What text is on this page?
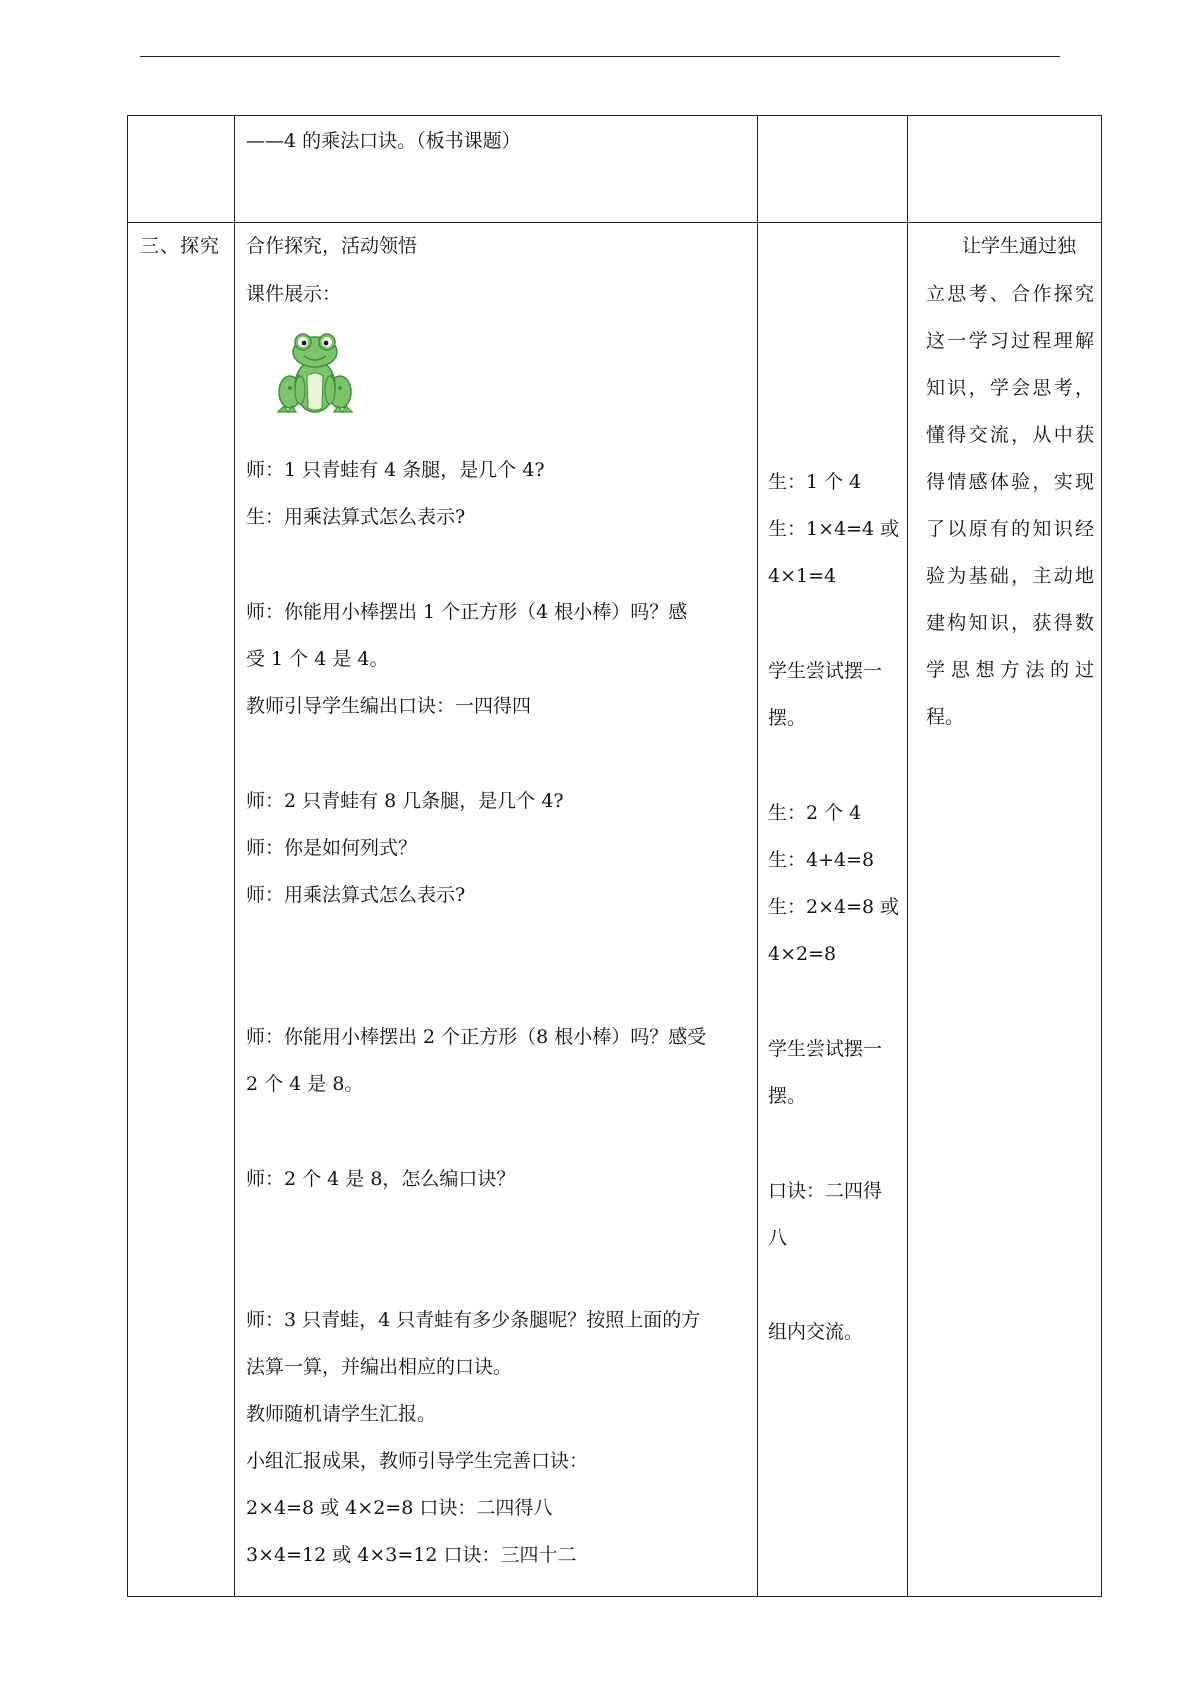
——4 的乘法口诀。（板书课题）
三、探究 合作探究，活动领悟
课件展示：
师：1 只青蛙有 4 条腿，是几个 4?
生：用乘法算式怎么表示?
师：你能用小棒摆出 1 个正方形（4 根小棒）吗？感
受 1 个 4 是 4。
教师引导学生编出口诀：一四得四
师：2 只青蛙有 8 几条腿，是几个 4?
师：你是如何列式？
师：用乘法算式怎么表示?
师：你能用小棒摆出 2 个正方形（8 根小棒）吗？感受
2 个 4 是 8。
师：2 个 4 是 8，怎么编口诀？
师：3 只青蛙，4 只青蛙有多少条腿呢？按照上面的方
法算一算，并编出相应的口诀。
教师随机请学生汇报。
小组汇报成果，教师引导学生完善口诀：
2×4=8 或 4×2=8 口诀：二四得八
3×4=12 或 4×3=12 口诀：三四十二
生：1 个 4
生：1×4=4 或
4×1=4
学生尝试摆一
摆。
生：2 个 4
生：4+4=8
生：2×4=8 或
4×2=8
学生尝试摆一
摆。
口诀：二四得
八
组内交流。
让学生通过独
立思考、合作探究
这一学习过程理解
知识，学会思考，
懂得交流，从中获
得情感体验，实现
了以原有的知识经
验为基础，主动地
建构知识，获得数
学思想方法的过
程。
